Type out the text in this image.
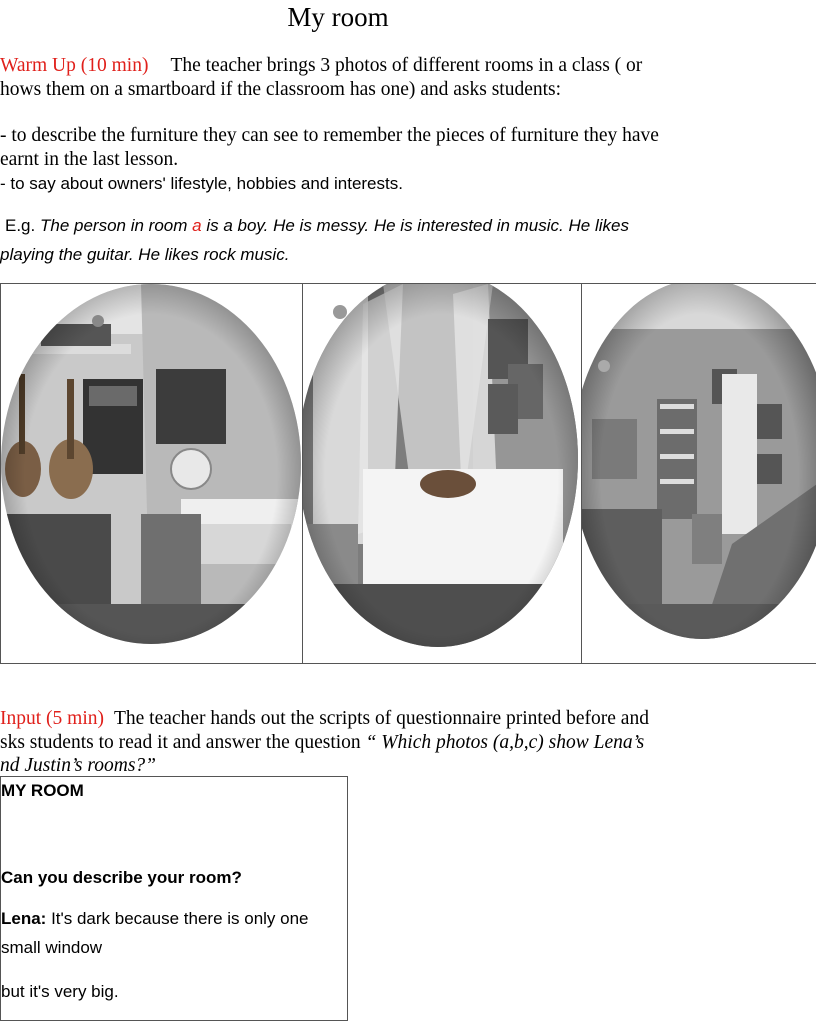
My room
Warm Up (10 min) The teacher brings 3 photos of different rooms in a class ( or
hows them on a smartboard if the classroom has one) and asks students:
- to describe the furniture they can see to remember the pieces of furniture they have
earnt in the last lesson.
- to say about owners' lifestyle, hobbies and interests.
E.g. The person in room a is a boy. He is messy. He is interested in music. He likes
playing the guitar. He likes rock music.
Input (5 min) The teacher hands out the scripts of questionnaire printed before and
sks students to read it and answer the question “ Which photos (a,b,c) show Lena’s
nd Justin’s rooms?”
MY ROOM
Can you describe your room?
Lena: It's dark because there is only one
small window
but it's very big.
